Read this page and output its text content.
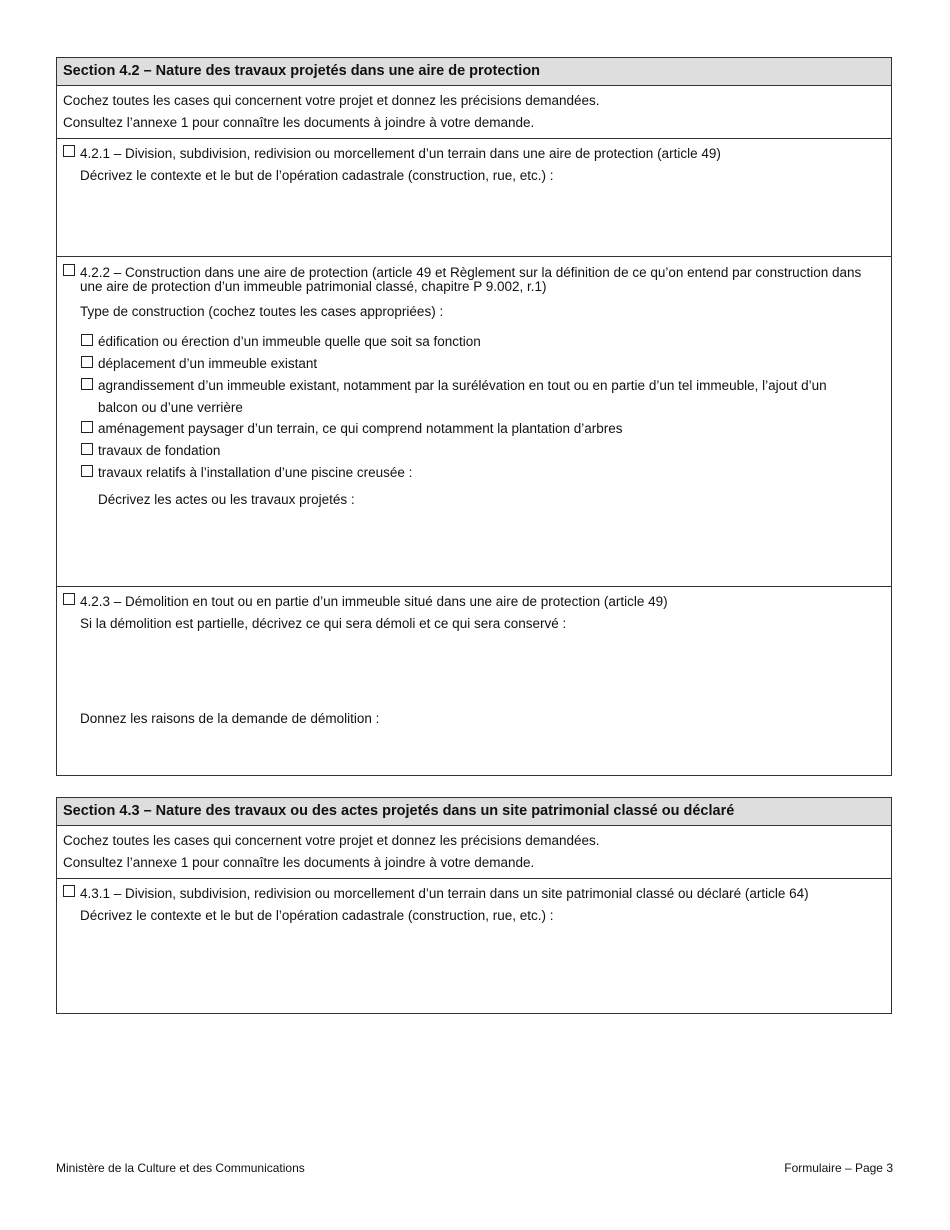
Section 4.2 – Nature des travaux projetés dans une aire de protection
Cochez toutes les cases qui concernent votre projet et donnez les précisions demandées.
Consultez l’annexe 1 pour connaître les documents à joindre à votre demande.
4.2.1 – Division, subdivision, redivision ou morcellement d’un terrain dans une aire de protection (article 49)
Décrivez le contexte et le but de l’opération cadastrale (construction, rue, etc.) :
4.2.2 – Construction dans une aire de protection (article 49 et Règlement sur la définition de ce qu’on entend par construction dans une aire de protection d’un immeuble patrimonial classé, chapitre P 9.002, r.1)
Type de construction (cochez toutes les cases appropriées) :
édification ou érection d’un immeuble quelle que soit sa fonction
déplacement d’un immeuble existant
agrandissement d’un immeuble existant, notamment par la surélévation en tout ou en partie d’un tel immeuble, l’ajout d’un
balcon ou d’une verrière
aménagement paysager d’un terrain, ce qui comprend notamment la plantation d’arbres
travaux de fondation
travaux relatifs à l’installation d’une piscine creusée :
Décrivez les actes ou les travaux projetés :
4.2.3 – Démolition en tout ou en partie d’un immeuble situé dans une aire de protection (article 49)
Si la démolition est partielle, décrivez ce qui sera démoli et ce qui sera conservé :
Donnez les raisons de la demande de démolition :
Section 4.3 – Nature des travaux ou des actes projetés dans un site patrimonial classé ou déclaré
Cochez toutes les cases qui concernent votre projet et donnez les précisions demandées.
Consultez l’annexe 1 pour connaître les documents à joindre à votre demande.
4.3.1 – Division, subdivision, redivision ou morcellement d’un terrain dans un site patrimonial classé ou déclaré (article 64)
Décrivez le contexte et le but de l’opération cadastrale (construction, rue, etc.) :
Ministère de la Culture et des Communications	Formulaire – Page 3
